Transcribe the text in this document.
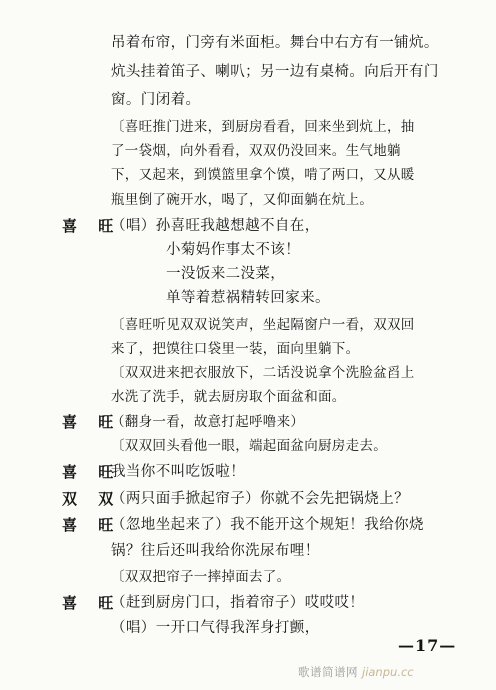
吊着布帘，门旁有米面柜。舞台中右方有一铺炕。
炕头挂着笛子、喇叭；另一边有桌椅。向后开有门
窗。门闭着。
〔喜旺推门进来，到厨房看看，回来坐到炕上，抽
了一袋烟，向外看看，双双仍没回来。生气地躺
下，又起来，到馍篮里拿个馍，啃了两口，又从暖
瓶里倒了碗开水，喝了，又仰面躺在炕上。
喜 旺
（唱）孙喜旺我越想越不自在，
小菊妈作事太不该！
一没饭来二没菜，
单等着惹祸精转回家来。
〔喜旺听见双双说笑声，坐起隔窗户一看，双双回
来了，把馍往口袋里一装，面向里躺下。
〔双双进来把衣服放下，二话没说拿个洗脸盆舀上
水洗了洗手，就去厨房取个面盆和面。
喜 旺
（翻身一看，故意打起呼噜来）
〔双双回头看他一眼，端起面盆向厨房走去。
喜 旺
我当你不叫吃饭啦！
双 双
（两只面手掀起帘子）你就不会先把锅烧上？
喜 旺
（忽地坐起来了）我不能开这个规矩！我给你烧
锅？往后还叫我给你洗尿布哩！
〔双双把帘子一摔掉面去了。
喜 旺
（赶到厨房门口，指着帘子）哎哎哎！
（唱）一开口气得我浑身打颤，
—17—
歌谱简谱网 jianpu.cc
